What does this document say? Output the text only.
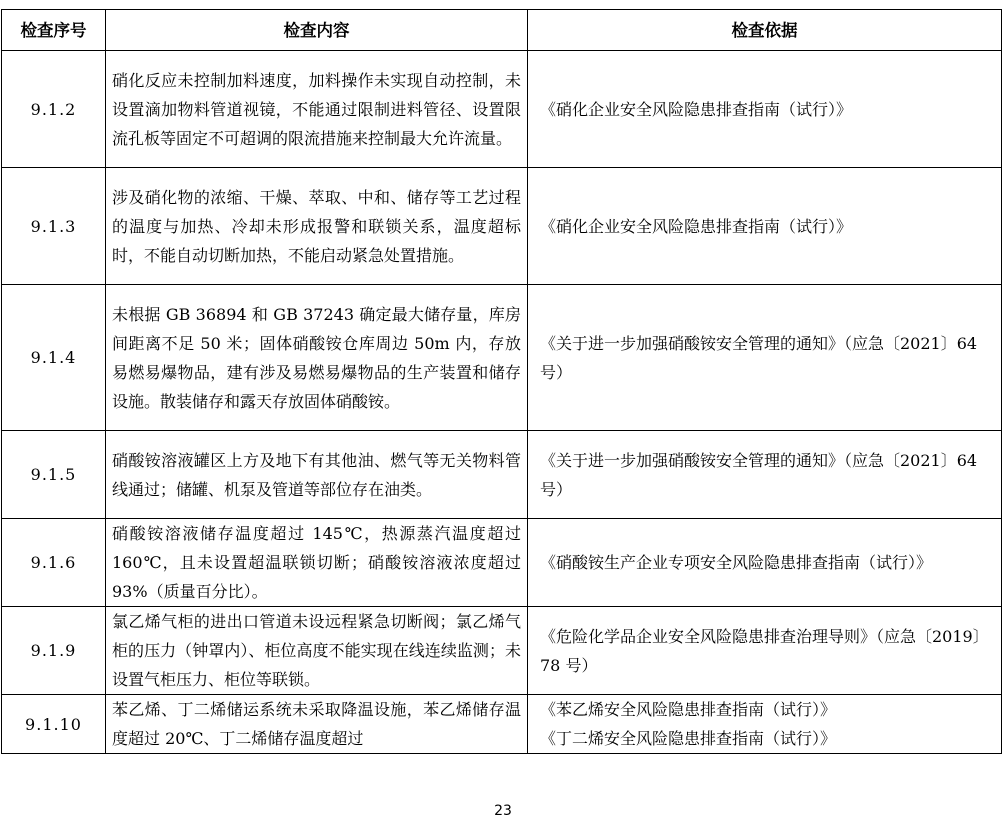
检查序号	检查内容	检查依据
9.1.2	硝化反应未控制加料速度，加料操作未实现自动控制，未设置滴加物料管道视镜，不能通过限制进料管径、设置限流孔板等固定不可超调的限流措施来控制最大允许流量。	《硝化企业安全风险隐患排查指南（试行）》

9.1.3	涉及硝化物的浓缩、干燥、萃取、中和、储存等工艺过程的温度与加热、冷却未形成报警和联锁关系，温度超标时，不能自动切断加热，不能启动紧急处置措施。	《硝化企业安全风险隐患排查指南（试行）》

9.1.4	未根据 GB 36894 和 GB 37243 确定最大储存量，库房间距离不足 50 米；固体硝酸铵仓库周边 50m 内，存放易燃易爆物品，建有涉及易燃易爆物品的生产装置和储存设施。散装储存和露天存放固体硝酸铵。	《关于进一步加强硝酸铵安全管理的通知》（应急〔2021〕64 号）

9.1.5	硝酸铵溶液罐区上方及地下有其他油、燃气等无关物料管线通过；储罐、机泵及管道等部位存在油类。	《关于进一步加强硝酸铵安全管理的通知》（应急〔2021〕64 号）

9.1.6	硝酸铵溶液储存温度超过 145℃，热源蒸汽温度超过 160℃，且未设置超温联锁切断；硝酸铵溶液浓度超过 93%（质量百分比）。	《硝酸铵生产企业专项安全风险隐患排查指南（试行）》

9.1.9	氯乙烯气柜的进出口管道未设远程紧急切断阀；氯乙烯气柜的压力（钟罩内）、柜位高度不能实现在线连续监测；未设置气柜压力、柜位等联锁。	《危险化学品企业安全风险隐患排查治理导则》（应急〔2019〕78 号）

9.1.10	苯乙烯、丁二烯储运系统未采取降温设施，苯乙烯储存温度超过 20℃、丁二烯储存温度超过	《苯乙烯安全风险隐患排查指南（试行）》
《丁二烯安全风险隐患排查指南（试行）》
23
